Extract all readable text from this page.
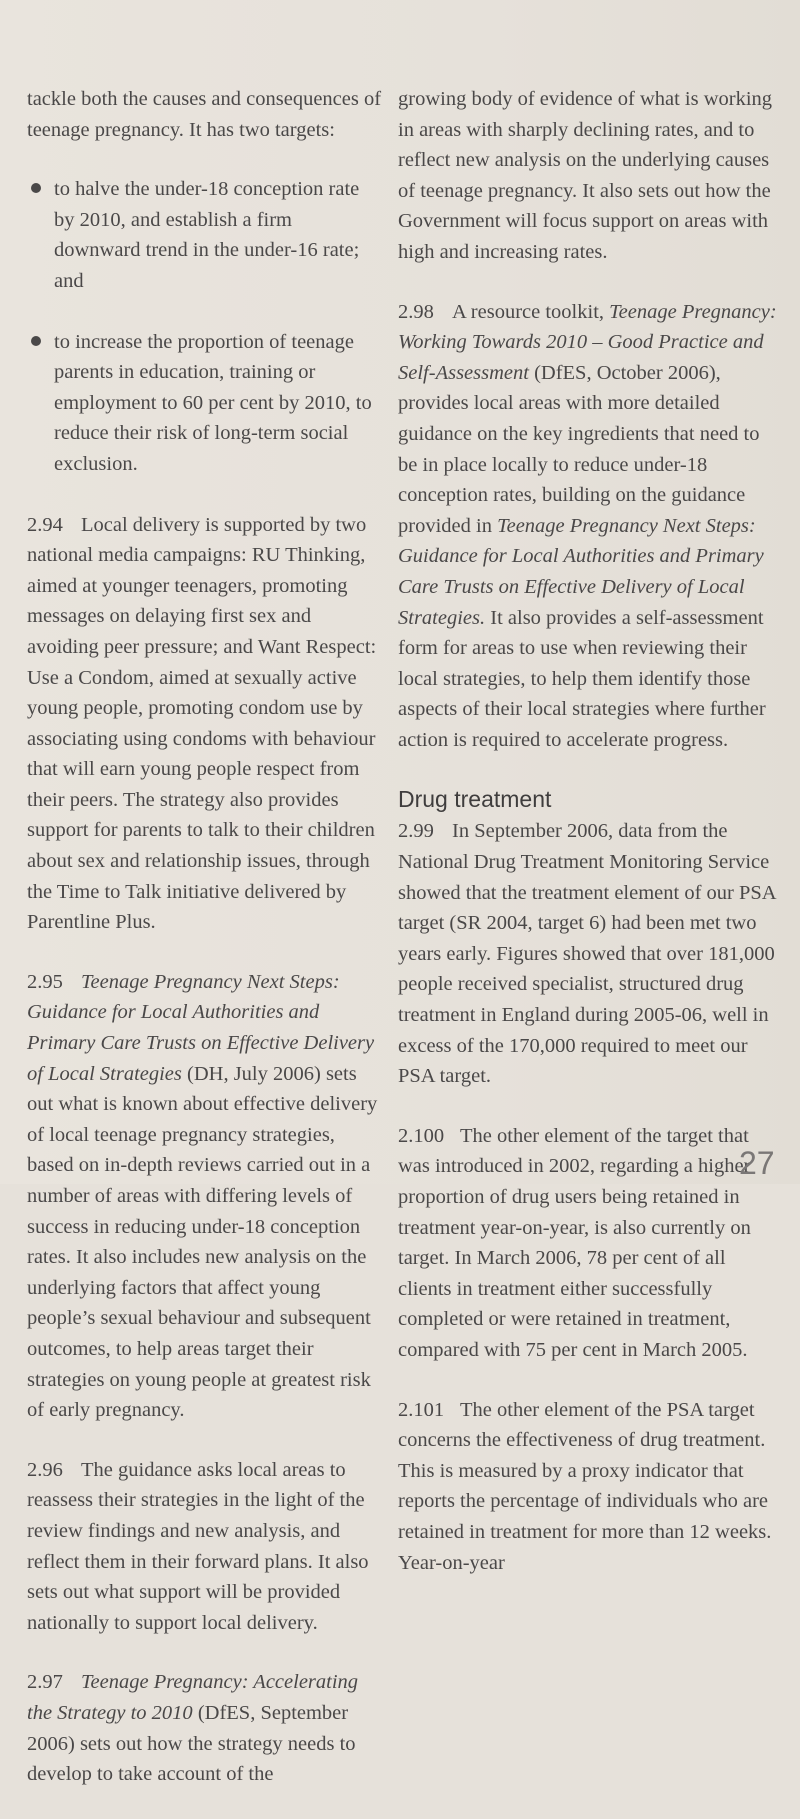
tackle both the causes and consequences of teenage pregnancy. It has two targets:

to halve the under-18 conception rate by 2010, and establish a firm downward trend in the under-16 rate; and
to increase the proportion of teenage parents in education, training or employment to 60 per cent by 2010, to reduce their risk of long-term social exclusion.

2.94 Local delivery is supported by two national media campaigns: RU Thinking, aimed at younger teenagers, promoting messages on delaying first sex and avoiding peer pressure; and Want Respect: Use a Condom, aimed at sexually active young people, promoting condom use by associating using condoms with behaviour that will earn young people respect from their peers. The strategy also provides support for parents to talk to their children about sex and relationship issues, through the Time to Talk initiative delivered by Parentline Plus.

2.95 Teenage Pregnancy Next Steps: Guidance for Local Authorities and Primary Care Trusts on Effective Delivery of Local Strategies (DH, July 2006) sets out what is known about effective delivery of local teenage pregnancy strategies, based on in-depth reviews carried out in a number of areas with differing levels of success in reducing under-18 conception rates. It also includes new analysis on the underlying factors that affect young people’s sexual behaviour and subsequent outcomes, to help areas target their strategies on young people at greatest risk of early pregnancy.

2.96 The guidance asks local areas to reassess their strategies in the light of the review findings and new analysis, and reflect them in their forward plans. It also sets out what support will be provided nationally to support local delivery.

2.97 Teenage Pregnancy: Accelerating the Strategy to 2010 (DfES, September 2006) sets out how the strategy needs to develop to take account of the

growing body of evidence of what is working in areas with sharply declining rates, and to reflect new analysis on the underlying causes of teenage pregnancy. It also sets out how the Government will focus support on areas with high and increasing rates.

2.98 A resource toolkit, Teenage Pregnancy: Working Towards 2010 – Good Practice and Self-Assessment (DfES, October 2006), provides local areas with more detailed guidance on the key ingredients that need to be in place locally to reduce under-18 conception rates, building on the guidance provided in Teenage Pregnancy Next Steps: Guidance for Local Authorities and Primary Care Trusts on Effective Delivery of Local Strategies. It also provides a self-assessment form for areas to use when reviewing their local strategies, to help them identify those aspects of their local strategies where further action is required to accelerate progress.

Drug treatment

2.99 In September 2006, data from the National Drug Treatment Monitoring Service showed that the treatment element of our PSA target (SR 2004, target 6) had been met two years early. Figures showed that over 181,000 people received specialist, structured drug treatment in England during 2005-06, well in excess of the 170,000 required to meet our PSA target.

2.100 The other element of the target that was introduced in 2002, regarding a higher proportion of drug users being retained in treatment year-on-year, is also currently on target. In March 2006, 78 per cent of all clients in treatment either successfully completed or were retained in treatment, compared with 75 per cent in March 2005.

2.101 The other element of the PSA target concerns the effectiveness of drug treatment. This is measured by a proxy indicator that reports the percentage of individuals who are retained in treatment for more than 12 weeks. Year-on-year

27
